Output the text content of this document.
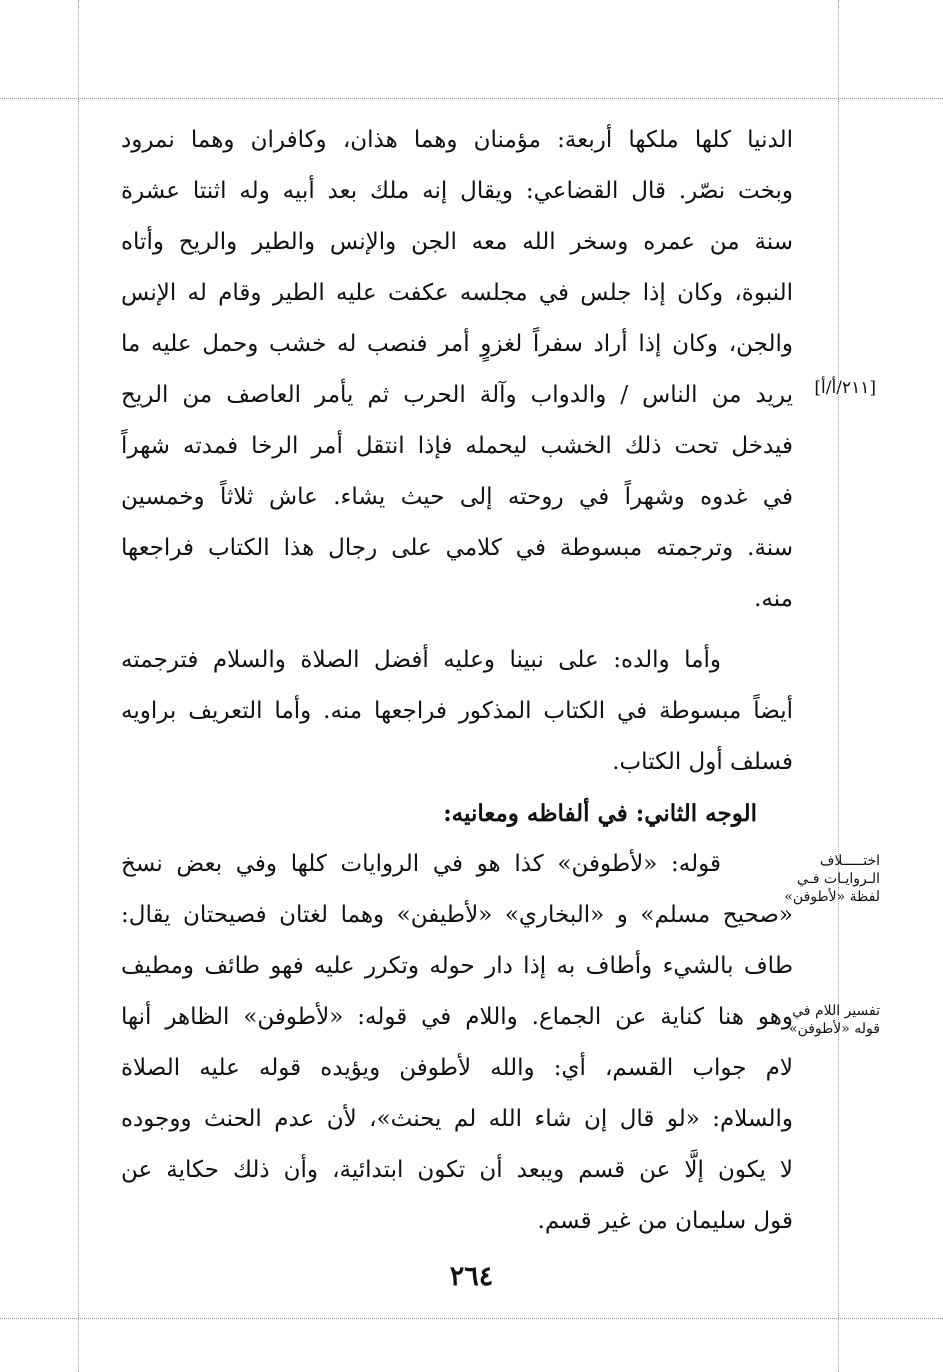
الدنيا كلها ملكها أربعة: مؤمنان وهما هذان، وكافران وهما نمرود
وبخت نصّر. قال القضاعي: ويقال إنه ملك بعد أبيه وله اثنتا عشرة
سنة من عمره وسخر الله معه الجن والإنس والطير والريح وأتاه
النبوة، وكان إذا جلس في مجلسه عكفت عليه الطير وقام له الإنس
والجن، وكان إذا أراد سفراً لغزوٍ أمر فنصب له خشب وحمل عليه ما
يريد من الناس / والدواب وآلة الحرب ثم يأمر العاصف من الريح
فيدخل تحت ذلك الخشب ليحمله فإذا انتقل أمر الرخا فمدته شهراً
في غدوه وشهراً في روحته إلى حيث يشاء. عاش ثلاثاً وخمسين
سنة. وترجمته مبسوطة في كلامي على رجال هذا الكتاب فراجعها
منه.
وأما والده: على نبينا وعليه أفضل الصلاة والسلام فترجمته
أيضاً مبسوطة في الكتاب المذكور فراجعها منه. وأما التعريف براويه
فسلف أول الكتاب.
الوجه الثاني: في ألفاظه ومعانيه:
قوله: «لأطوفن» كذا هو في الروايات كلها وفي بعض نسخ
«صحيح مسلم» و «البخاري» «لأطيفن» وهما لغتان فصيحتان يقال:
طاف بالشيء وأطاف به إذا دار حوله وتكرر عليه فهو طائف ومطيف
وهو هنا كناية عن الجماع. واللام في قوله: «لأطوفن» الظاهر أنها
لام جواب القسم، أي: والله لأطوفن ويؤيده قوله عليه الصلاة
والسلام: «لو قال إن شاء الله لم يحنث»، لأن عدم الحنث ووجوده
لا يكون إلَّا عن قسم ويبعد أن تكون ابتدائية، وأن ذلك حكاية عن
قول سليمان من غير قسم.
[٢١١/أ/أ]
اختـــــلاف
الـروايـات فـي
لفظة «لأطوفن»
تفسير اللام في
قوله «لأطوفن»
٢٦٤
